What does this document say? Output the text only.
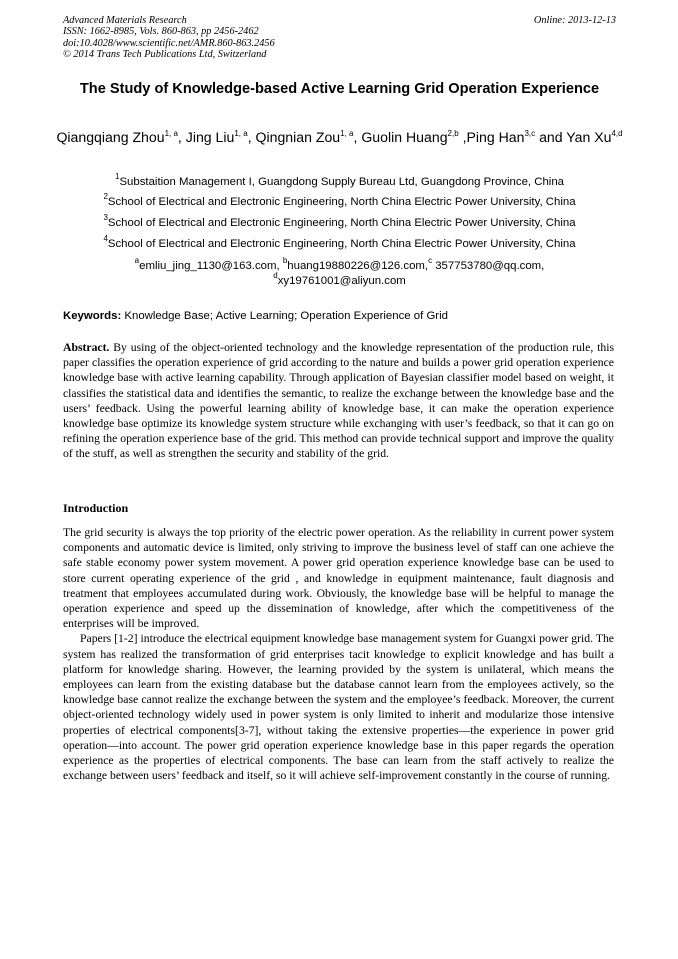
Advanced Materials Research
ISSN: 1662-8985, Vols. 860-863, pp 2456-2462
doi:10.4028/www.scientific.net/AMR.860-863.2456
© 2014 Trans Tech Publications Ltd, Switzerland
Online: 2013-12-13
The Study of Knowledge-based Active Learning Grid Operation Experience
Qiangqiang Zhou$^{1, a}$, Jing Liu$^{1, a}$, Qingnian Zou$^{1, a}$, Guolin Huang$^{2,b}$ ,Ping Han$^{3,c}$ and Yan Xu$^{4,d}$
$^1$Substaition Management I, Guangdong Supply Bureau Ltd, Guangdong Province, China
$^2$School of Electrical and Electronic Engineering, North China Electric Power University, China
$^3$School of Electrical and Electronic Engineering, North China Electric Power University, China
$^4$School of Electrical and Electronic Engineering, North China Electric Power University, China
$^a$emliu_jing_1130@163.com, $^b$huang19880226@126.com,$^c$ 357753780@qq.com,
$^d$xy19761001@aliyun.com
Keywords: Knowledge Base; Active Learning; Operation Experience of Grid
Abstract. By using of the object-oriented technology and the knowledge representation of the production rule, this paper classifies the operation experience of grid according to the nature and builds a power grid operation experience knowledge base with active learning capability. Through application of Bayesian classifier model based on weight, it classifies the statistical data and identifies the semantic, to realize the exchange between the knowledge base and the users’ feedback. Using the powerful learning ability of knowledge base, it can make the operation experience knowledge base optimize its knowledge system structure while exchanging with user’s feedback, so that it can go on refining the operation experience base of the grid. This method can provide technical support and improve the quality of the stuff, as well as strengthen the security and stability of the grid.
Introduction

The grid security is always the top priority of the electric power operation. As the reliability in current power system components and automatic device is limited, only striving to improve the business level of staff can one achieve the safe stable economy power system movement. A power grid operation experience knowledge base can be used to store current operating experience of the grid , and knowledge in equipment maintenance, fault diagnosis and treatment that employees accumulated during work. Obviously, the knowledge base will be helpful to manage the operation experience and speed up the dissemination of knowledge, after which the competitiveness of the enterprises will be improved.

Papers [1-2] introduce the electrical equipment knowledge base management system for Guangxi power grid. The system has realized the transformation of grid enterprises tacit knowledge to explicit knowledge and has built a platform for knowledge sharing. However, the learning provided by the system is unilateral, which means the employees can learn from the existing database but the database cannot learn from the employees actively, so the knowledge base cannot realize the exchange between the system and the employee’s feedback. Moreover, the current object-oriented technology widely used in power system is only limited to inherit and modularize those intensive properties of electrical components[3-7], without taking the extensive properties—the experience in power grid operation—into account. The power grid operation experience knowledge base in this paper regards the operation experience as the properties of electrical components. The base can learn from the staff actively to realize the exchange between users’ feedback and itself, so it will achieve self-improvement constantly in the course of running.
